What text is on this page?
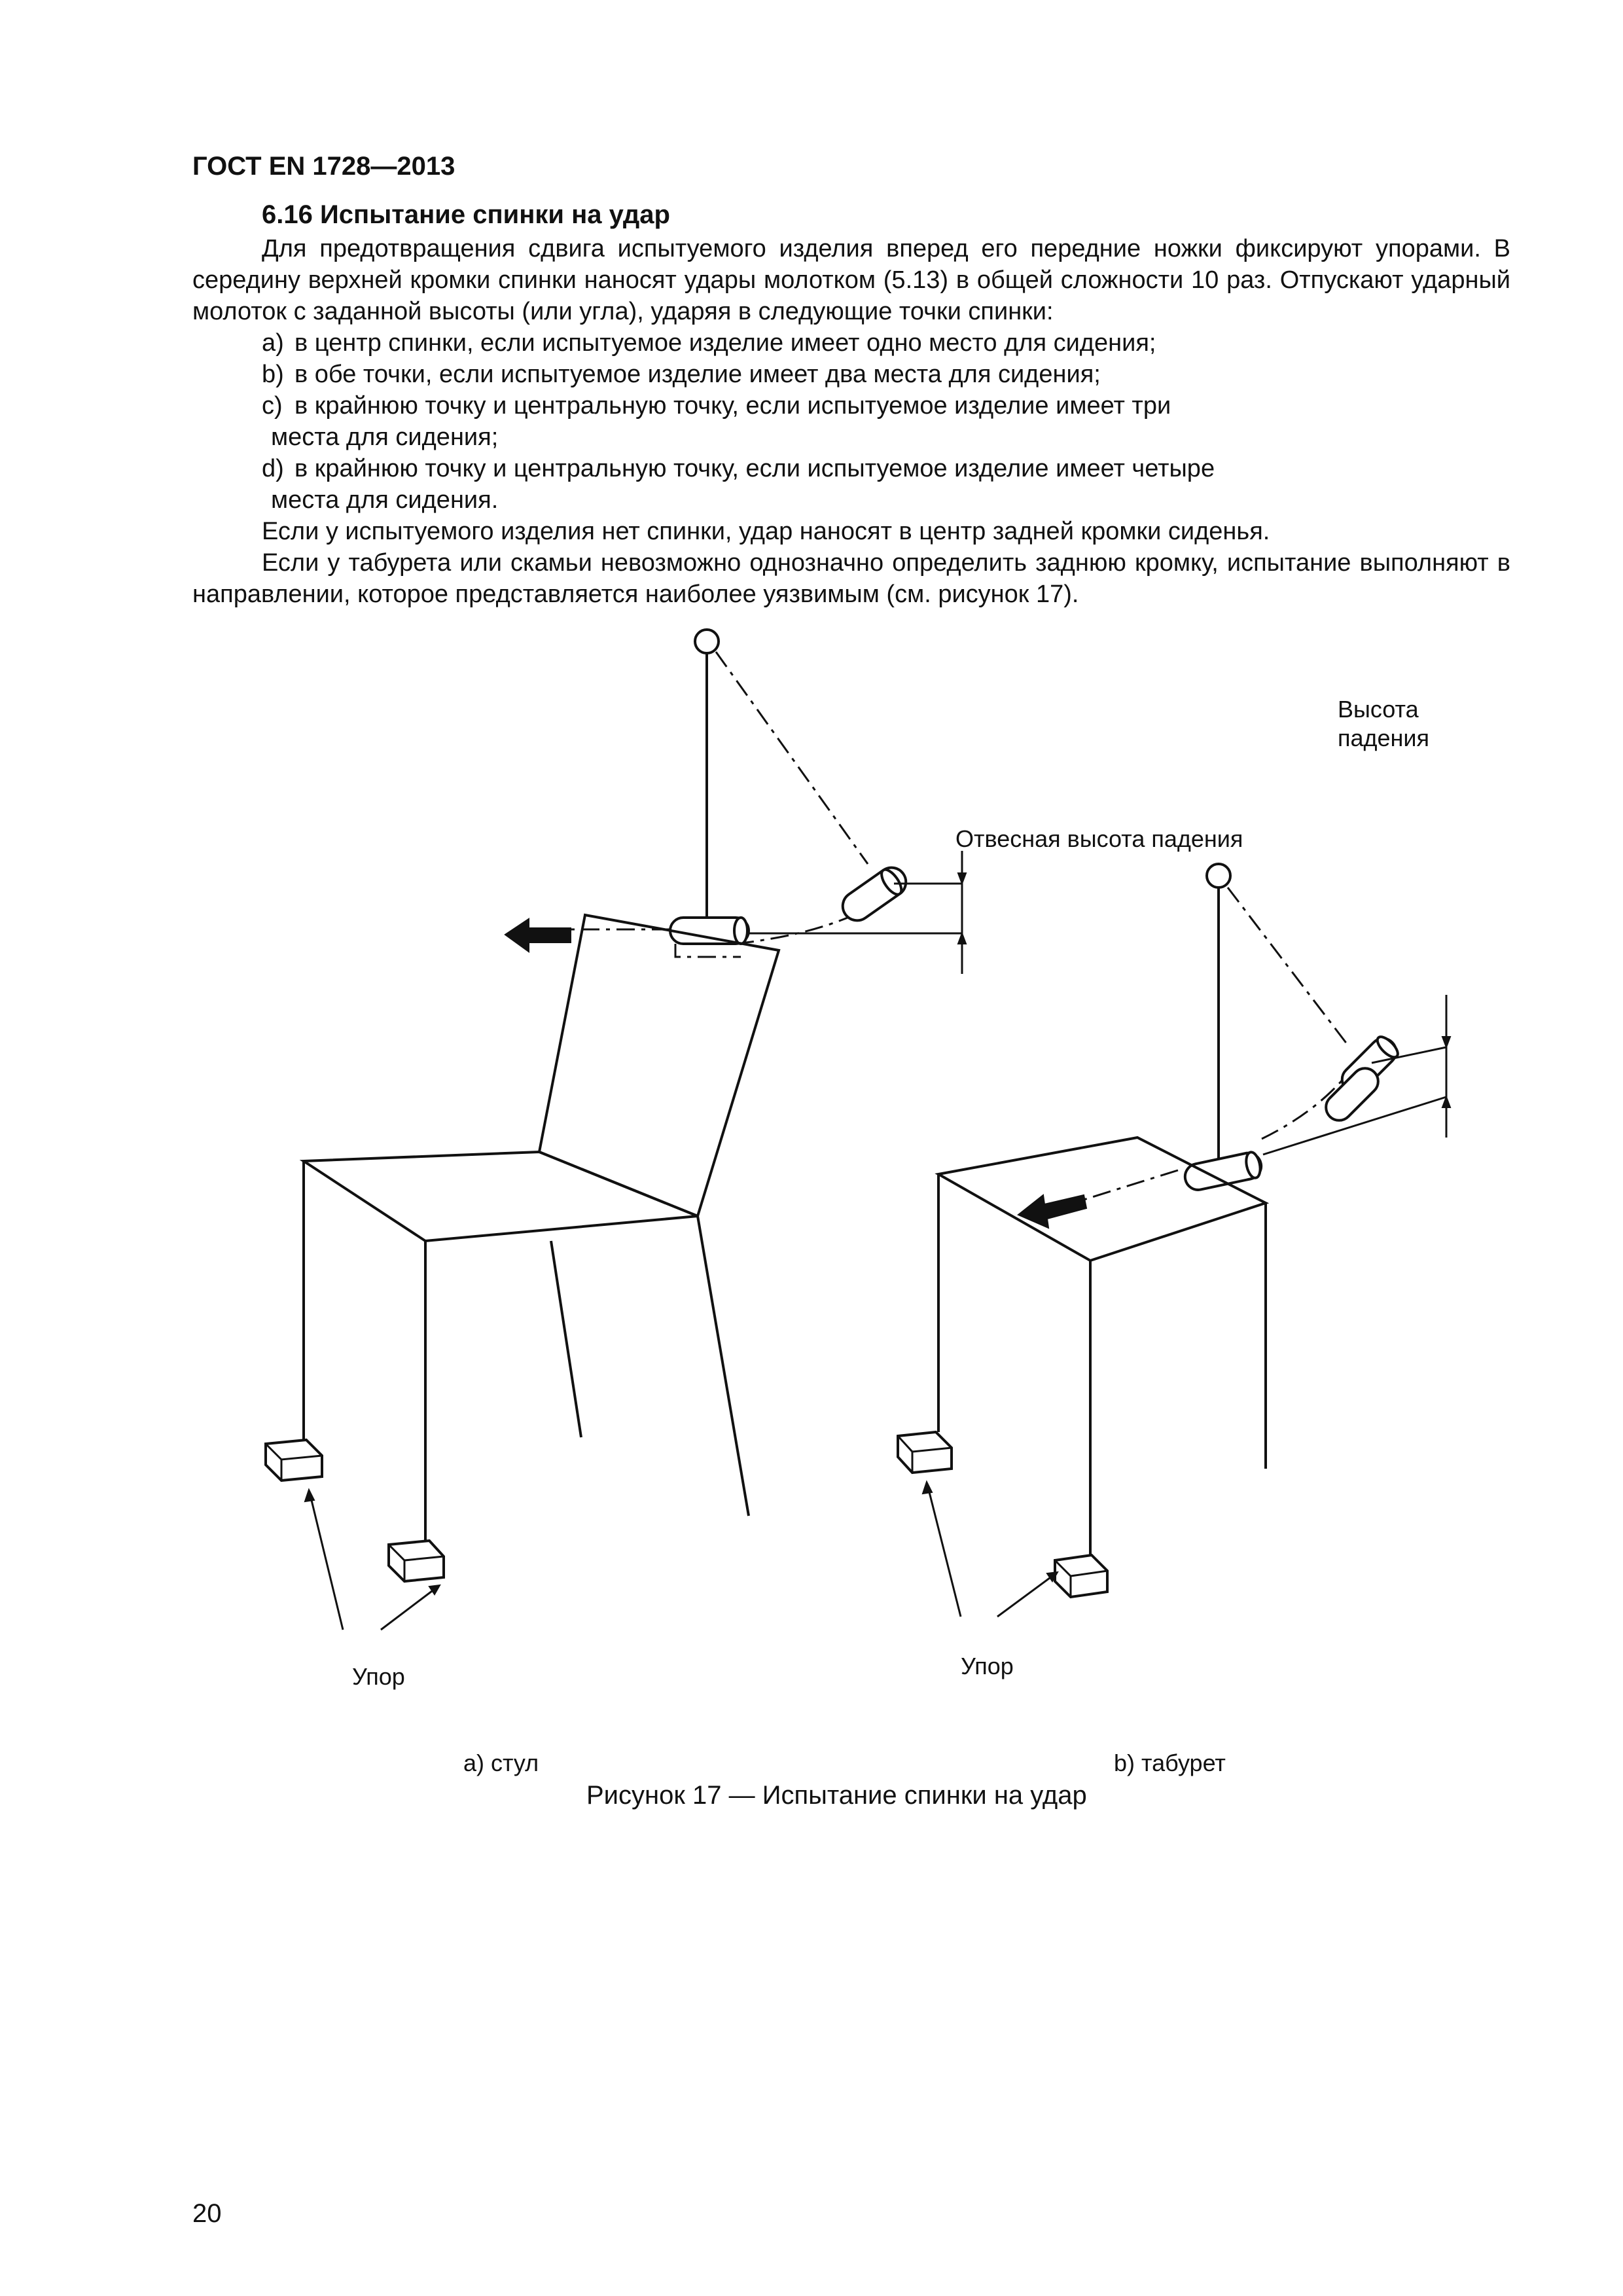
ГОСТ EN 1728—2013
6.16 Испытание спинки на удар
Для предотвращения сдвига испытуемого изделия вперед его передние ножки фиксируют упорами. В середину верхней кромки спинки наносят удары молотком (5.13) в общей сложности 10 раз. Отпускают ударный молоток с заданной высоты (или угла), ударяя в следующие точки спинки:
a) в центр спинки, если испытуемое изделие имеет одно место для сидения;
b) в обе точки, если испытуемое изделие имеет два места для сидения;
c) в крайнюю точку и центральную точку, если испытуемое изделие имеет три
места для сидения;
d) в крайнюю точку и центральную точку, если испытуемое изделие имеет четыре
места для сидения.
Если у испытуемого изделия нет спинки, удар наносят в центр задней кромки сиденья.
Если у табурета или скамьи невозможно однозначно определить заднюю кромку, испытание выполняют в направлении, которое представляется наиболее уязвимым (см. рисунок 17).
Высота
падения
Отвесная высота падения
Упор	Упор
a) стул	b) табурет
Рисунок 17 — Испытание спинки на удар
20
